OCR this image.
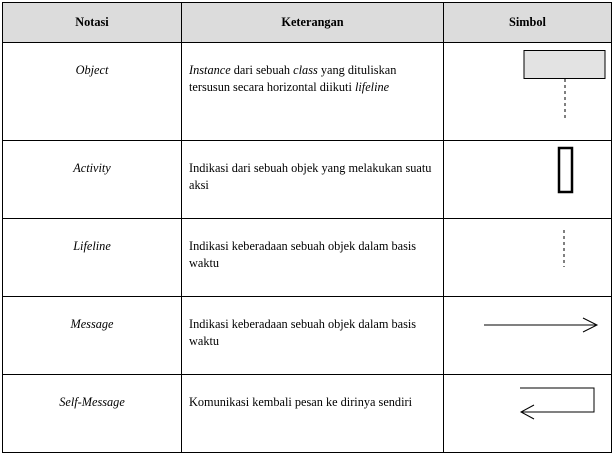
Notasi	Keterangan	Simbol
Object	Instance dari sebuah class yang dituliskan tersusun secara horizontal diikuti lifeline	

Activity	Indikasi dari sebuah objek yang melakukan suatu aksi	

Lifeline	Indikasi keberadaan sebuah objek dalam basis waktu	

Message	Indikasi keberadaan sebuah objek dalam basis waktu	

Self-Message	Komunikasi kembali pesan ke dirinya sendiri	
